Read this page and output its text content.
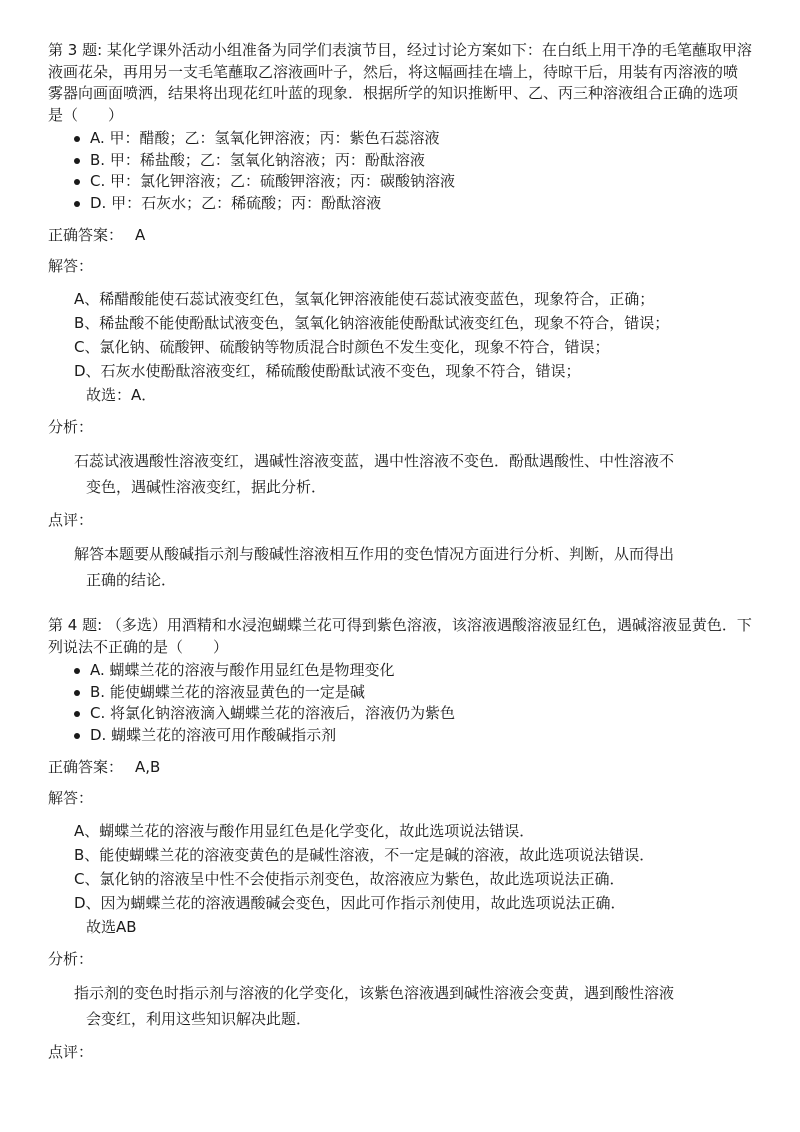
第 3 题: 某化学课外活动小组准备为同学们表演节目，经过讨论方案如下：在白纸上用干净的毛笔蘸取甲溶液画花朵，再用另一支毛笔蘸取乙溶液画叶子，然后，将这幅画挂在墙上，待晾干后，用装有丙溶液的喷雾器向画面喷洒，结果将出现花红叶蓝的现象．根据所学的知识推断甲、乙、丙三种溶液组合正确的选项是（　　）

A. 甲：醋酸；乙：氢氧化钾溶液；丙：紫色石蕊溶液
B. 甲：稀盐酸；乙：氢氧化钠溶液；丙：酚酞溶液
C. 甲：氯化钾溶液；乙：硫酸钾溶液；丙：碳酸钠溶液
D. 甲：石灰水；乙：稀硫酸；丙：酚酞溶液
正确答案： A
解答：

A、稀醋酸能使石蕊试液变红色，氢氧化钾溶液能使石蕊试液变蓝色，现象符合，正确；

B、稀盐酸不能使酚酞试液变色，氢氧化钠溶液能使酚酞试液变红色，现象不符合，错误；

C、氯化钠、硫酸钾、硫酸钠等物质混合时颜色不发生变化，现象不符合，错误；

D、石灰水使酚酞溶液变红，稀硫酸使酚酞试液不变色，现象不符合，错误；

故选：A．

分析：

石蕊试液遇酸性溶液变红，遇碱性溶液变蓝，遇中性溶液不变色．酚酞遇酸性、中性溶液不

变色，遇碱性溶液变红，据此分析．

点评：

解答本题要从酸碱指示剂与酸碱性溶液相互作用的变色情况方面进行分析、判断，从而得出

正确的结论．

第 4 题: （多选）用酒精和水浸泡蝴蝶兰花可得到紫色溶液，该溶液遇酸溶液显红色，遇碱溶液显黄色．下列说法不正确的是（　　）

A. 蝴蝶兰花的溶液与酸作用显红色是物理变化
B. 能使蝴蝶兰花的溶液显黄色的一定是碱
C. 将氯化钠溶液滴入蝴蝶兰花的溶液后，溶液仍为紫色
D. 蝴蝶兰花的溶液可用作酸碱指示剂
正确答案： A,B
解答：

A、蝴蝶兰花的溶液与酸作用显红色是化学变化，故此选项说法错误．

B、能使蝴蝶兰花的溶液变黄色的是碱性溶液，不一定是碱的溶液，故此选项说法错误．

C、氯化钠的溶液呈中性不会使指示剂变色，故溶液应为紫色，故此选项说法正确．

D、因为蝴蝶兰花的溶液遇酸碱会变色，因此可作指示剂使用，故此选项说法正确．

故选AB

分析：

指示剂的变色时指示剂与溶液的化学变化，该紫色溶液遇到碱性溶液会变黄，遇到酸性溶液

会变红，利用这些知识解决此题．

点评：
